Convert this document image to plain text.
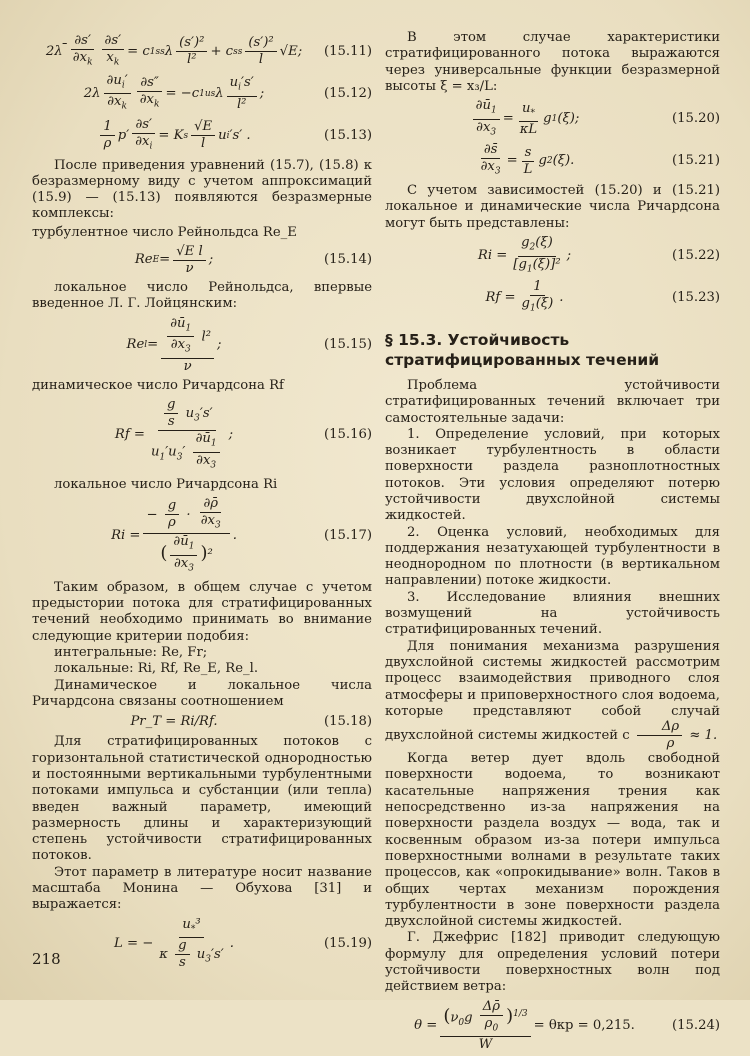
2λ
$\frac{\partial s'}{\partial x_k} \frac{\partial s'}{x_k} = c$ 1ss λ $\frac{\text{(s′)²}}{\text{l²}} + c$ ss $\frac{\text{(s′)²}}{l} √E$;	(15.11)
$2\lambda \frac{\partial u_i'}{\partial x_k} \frac{\partial s''}{\partial x_k} = -c$ 1us λ $\frac{u_i's'}{\text{l²}}$ ;	(15.12)
$\frac{1}{\rho} p' \frac{\partial s'}{\partial x_i} = K$ s $\frac{√E}{l}$ u i ′s′ .	(15.13)

После приведения уравнений (15.7), (15.8) к безразмерному виду с учетом аппроксимаций (15.9) — (15.13) появляются безразмерные комплексы:

турбулентное число Рейнольдса Re_E

Re $E = \frac{\text{√E l}}{\nu}$ ;	(15.14)

локальное число Рейнольдса, впервые введенное Л. Г. Лойцянским:

Re $l = \frac{\frac{\partial ū_1}{\partial x_3} l^2}{\nu}$ ;	(15.15)

динамическое число Ричардсона Rf

$Rf = \frac{\frac{g}{s} u_3's'}{u_1'u_3' \frac{\partial ū_1}{\partial x_3}}$ ;	(15.16)

локальное число Ричардсона Ri

$Ri = \frac{- \frac{g}{\rho} \cdot \frac{\partial\rhō}{\partial x_3}}{( \frac{\partial ū_1}{\partial x_3} )^2}$ .	(15.17)

Таким образом, в общем случае с учетом предыстории потока для стратифицированных течений необходимо принимать во внимание следующие критерии подобия:

интегральные: Re, Fr;

локальные: Ri, Rf, Re_E, Re_l.

Динамическое и локальное числа Ричардсона связаны соотношением

Pr_T = Ri/Rf.	(15.18)

Для стратифицированных потоков с горизонтальной статистической однородностью и постоянными вертикальными турбулентными потоками импульса и субстанции (или тепла) введен важный параметр, имеющий размерность длины и характеризующий степень устойчивости стратифицированных потоков.

Этот параметр в литературе носит название масштаба Монина — Обухова [31] и выражается:

L = − $\frac{u_*^3}{\kappa \frac{g}{s} u_3's'}$ .	(15.19)

В этом случае характеристики стратифицированного потока выражаются через универсальные функции безразмерной высоты ξ = x₃/L:

$\frac{\partial ū_1}{\partial x_3} = \frac{u_*}{\kappa L}$ g 1 (ξ);	(15.20)
$\frac{\partial s̄}{\partial x_3} = \frac{s}{L}$ g 2 (ξ).	(15.21)

С учетом зависимостей (15.20) и (15.21) локальное и динамические числа Ричардсона могут быть представлены:

$Ri = \frac{g_2(\xi)}{[g_1(\xi)]^2}$ ;	(15.22)
$Rf = \frac{1}{g_1(\xi)}$ .	(15.23)
§ 15.3. Устойчивость стратифицированных течений

Проблема устойчивости стратифицированных течений включает три самостоятельные задачи:

1. Определение условий, при которых возникает турбулентность в области поверхности раздела разноплотностных потоков. Эти условия определяют потерю устойчивости двухслойной системы жидкостей.

2. Оценка условий, необходимых для поддержания незатухающей турбулентности в неоднородном по плотности (в вертикальном направлении) потоке жидкости.

3. Исследование влияния внешних возмущений на устойчивость стратифицированных течений.

Для понимания механизма разрушения двухслойной системы жидкостей рассмотрим процесс взаимодействия приводного слоя атмосферы и приповерхностного слоя водоема, которые представляют собой случай двухслойной системы жидкостей с $\frac{\Delta\rho}{\rho} \approx 1$.

Когда ветер дует вдоль свободной поверхности водоема, то возникают касательные напряжения трения как непосредственно из-за напряжения на поверхности раздела воздух — вода, так и косвенным образом из-за потери импульса поверхностными волнами в результате таких процессов, как «опрокидывание» волн. Таков в общих чертах механизм порождения турбулентности в зоне поверхности раздела двухслойной системы жидкостей.

Г. Джефрис [182] приводит следующую формулу для определения условий потери устойчивости поверхностных волн под действием ветра:

$\theta = \frac{(\nu_0g \frac{\Delta\rhō}{\rho_0} )^{1/3}}{W} = \theta кр = 0,215$.	(15.24)
218
